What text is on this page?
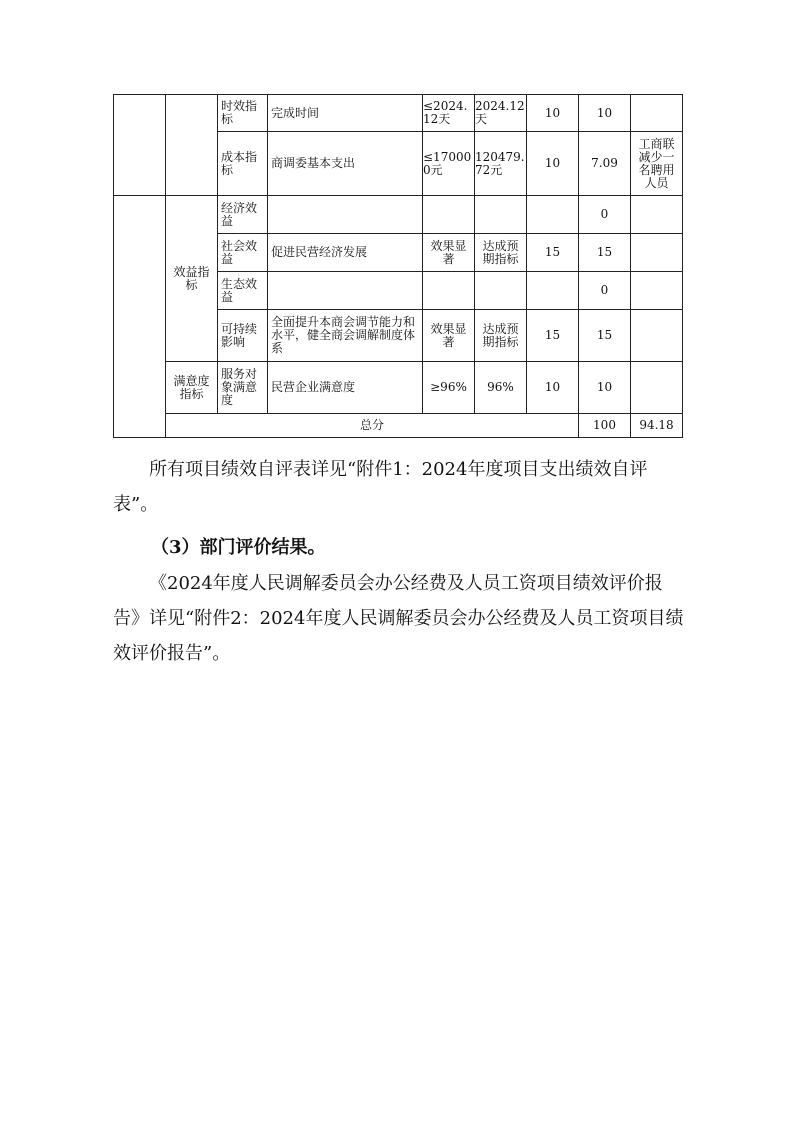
		时效指标	完成时间	≤2024.12天	2024.12天	10	10		
		成本指标	商调委基本支出	≤170000元	120479.72元	10	7.09	工商联减少一名聘用人员	

	效益指标	经济效益					0		
		社会效益	促进民营经济发展	效果显著	达成预期指标	15	15		
		生态效益					0		
		可持续影响	全面提升本商会调节能力和水平，健全商会调解制度体系	效果显著	达成预期指标	15	15		
	满意度指标	服务对象满意度	民营企业满意度	≥96%	96%	10	10		
	总分						100	94.18	

所有项目绩效自评表详见“附件1：2024年度项目支出绩效自评表”。

（3）部门评价结果。

《2024年度人民调解委员会办公经费及人员工资项目绩效评价报告》详见“附件2：2024年度人民调解委员会办公经费及人员工资项目绩效评价报告”。
